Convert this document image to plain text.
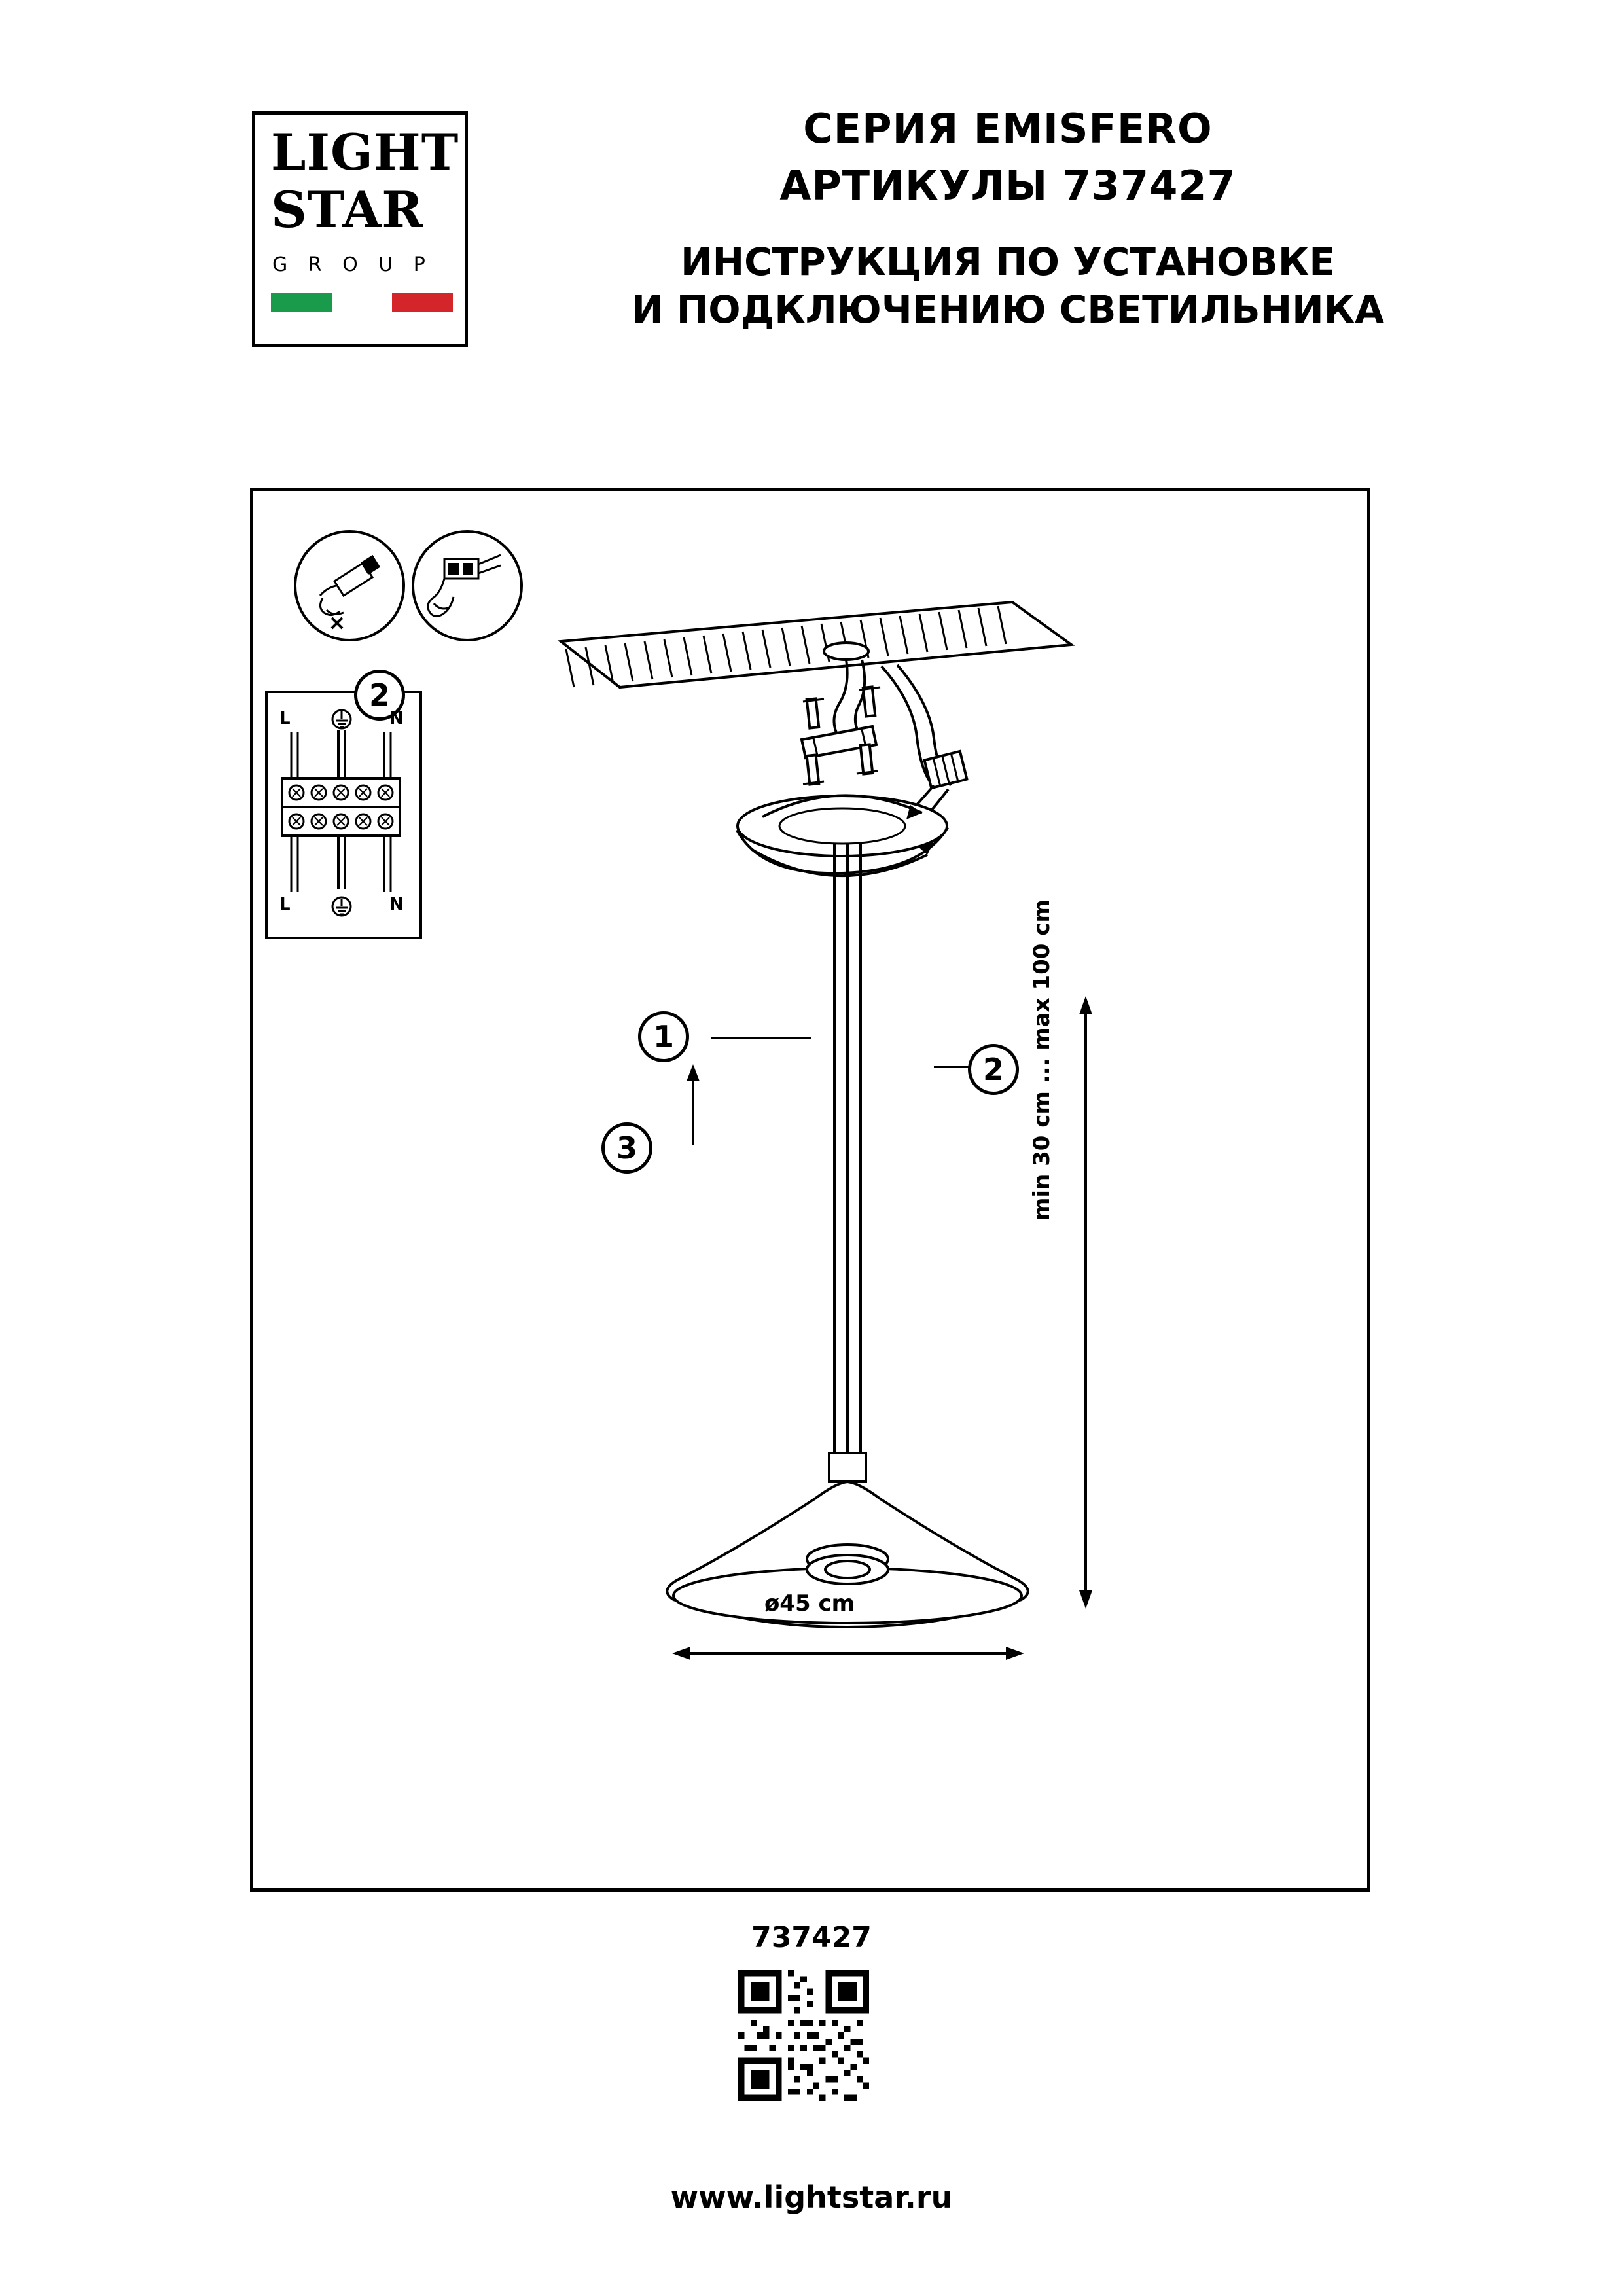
LIGHT
STAR
G R O U P
СЕРИЯ EMISFERO
АРТИКУЛЫ 737427
ИНСТРУКЦИЯ ПО УСТАНОВКЕ
И ПОДКЛЮЧЕНИЮ СВЕТИЛЬНИКА
2
L	N
L	N
1
2
3	min 30 cm ... max 100 cm
ø45 cm
737427
www.lightstar.ru
